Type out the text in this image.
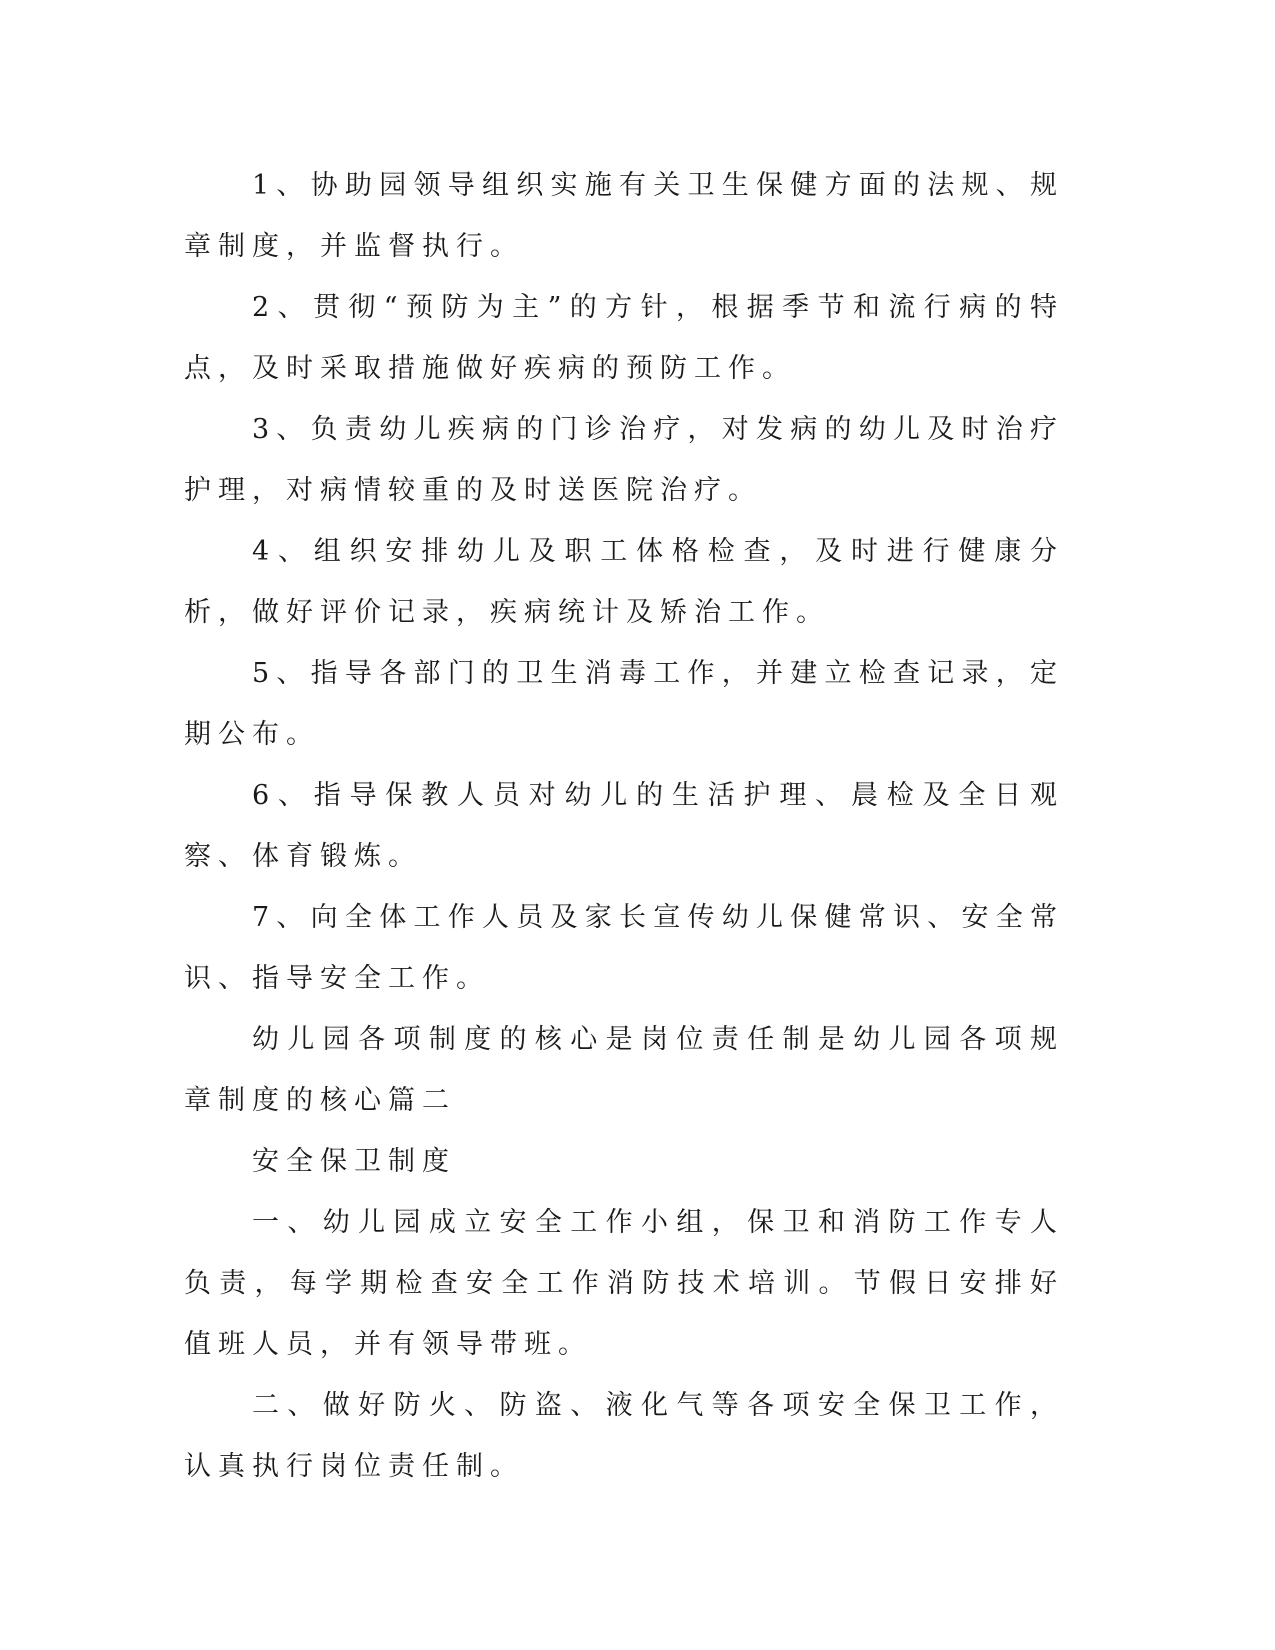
1、协助园领导组织实施有关卫生保健方面的法规、规章制度，并监督执行。

2、贯彻“预防为主”的方针，根据季节和流行病的特点，及时采取措施做好疾病的预防工作。

3、负责幼儿疾病的门诊治疗，对发病的幼儿及时治疗护理，对病情较重的及时送医院治疗。

4、组织安排幼儿及职工体格检查，及时进行健康分析，做好评价记录，疾病统计及矫治工作。

5、指导各部门的卫生消毒工作，并建立检查记录，定期公布。

6、指导保教人员对幼儿的生活护理、晨检及全日观察、体育锻炼。

7、向全体工作人员及家长宣传幼儿保健常识、安全常识、指导安全工作。

幼儿园各项制度的核心是岗位责任制是幼儿园各项规章制度的核心篇二

安全保卫制度

一、幼儿园成立安全工作小组，保卫和消防工作专人负责，每学期检查安全工作消防技术培训。节假日安排好值班人员，并有领导带班。

二、做好防火、防盗、液化气等各项安全保卫工作，认真执行岗位责任制。
